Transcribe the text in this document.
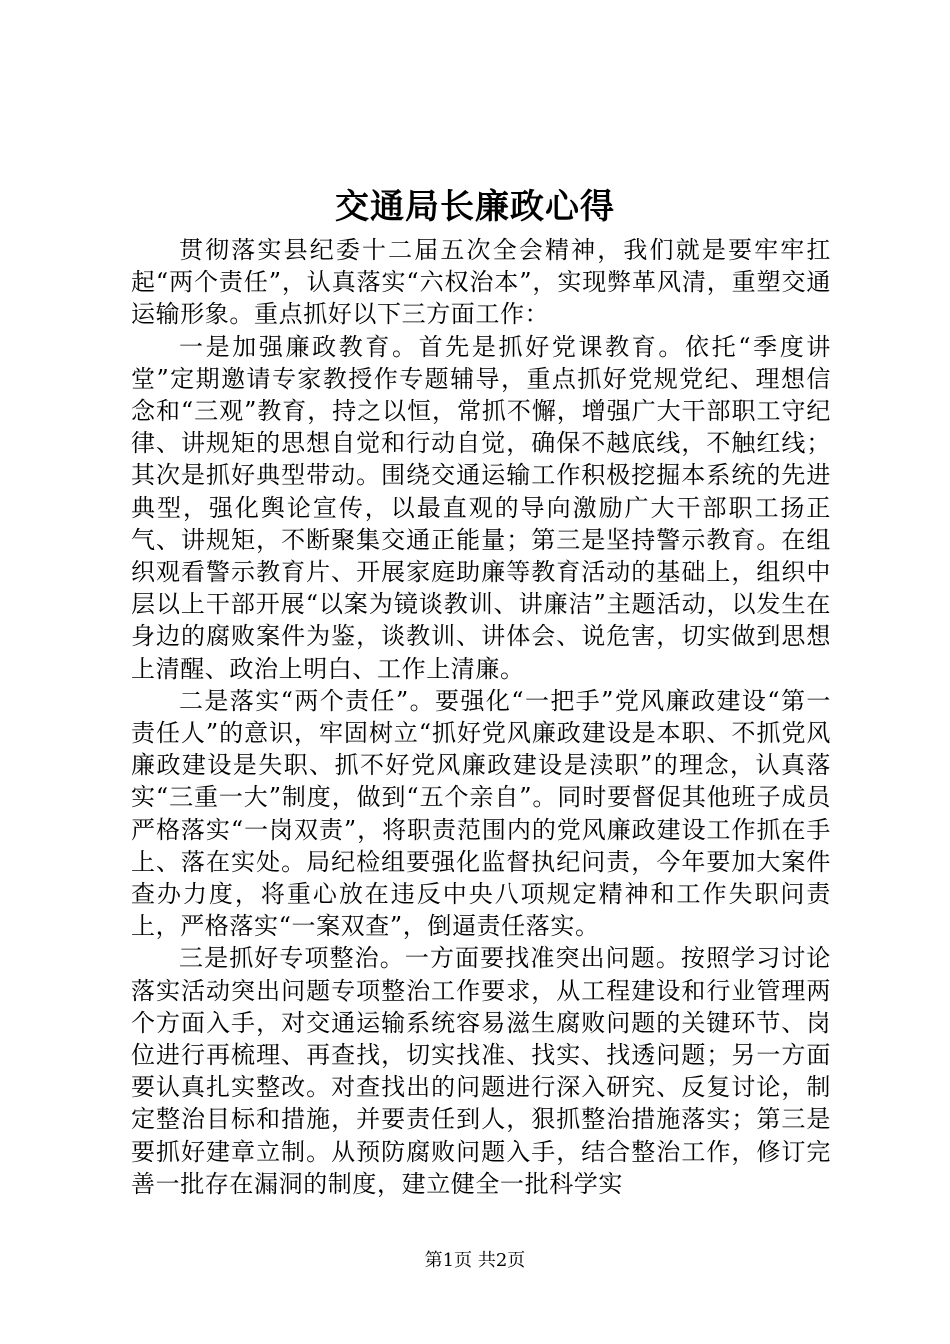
交通局长廉政心得

贯彻落实县纪委十二届五次全会精神，我们就是要牢牢扛起“两个责任”，认真落实“六权治本”，实现弊革风清，重塑交通运输形象。重点抓好以下三方面工作：

一是加强廉政教育。首先是抓好党课教育。依托“季度讲堂”定期邀请专家教授作专题辅导，重点抓好党规党纪、理想信念和“三观”教育，持之以恒，常抓不懈，增强广大干部职工守纪律、讲规矩的思想自觉和行动自觉，确保不越底线，不触红线；其次是抓好典型带动。围绕交通运输工作积极挖掘本系统的先进典型，强化舆论宣传，以最直观的导向激励广大干部职工扬正气、讲规矩，不断聚集交通正能量；第三是坚持警示教育。在组织观看警示教育片、开展家庭助廉等教育活动的基础上，组织中层以上干部开展“以案为镜谈教训、讲廉洁”主题活动，以发生在身边的腐败案件为鉴，谈教训、讲体会、说危害，切实做到思想上清醒、政治上明白、工作上清廉。

二是落实“两个责任”。要强化“一把手”党风廉政建设“第一责任人”的意识，牢固树立“抓好党风廉政建设是本职、不抓党风廉政建设是失职、抓不好党风廉政建设是渎职”的理念，认真落实“三重一大”制度，做到“五个亲自”。同时要督促其他班子成员严格落实“一岗双责”，将职责范围内的党风廉政建设工作抓在手上、落在实处。局纪检组要强化监督执纪问责，今年要加大案件查办力度，将重心放在违反中央八项规定精神和工作失职问责上，严格落实“一案双查”，倒逼责任落实。

三是抓好专项整治。一方面要找准突出问题。按照学习讨论落实活动突出问题专项整治工作要求，从工程建设和行业管理两个方面入手，对交通运输系统容易滋生腐败问题的关键环节、岗位进行再梳理、再查找，切实找准、找实、找透问题；另一方面要认真扎实整改。对查找出的问题进行深入研究、反复讨论，制定整治目标和措施，并要责任到人，狠抓整治措施落实；第三是要抓好建章立制。从预防腐败问题入手，结合整治工作，修订完善一批存在漏洞的制度，建立健全一批科学实

第1页 共2页
